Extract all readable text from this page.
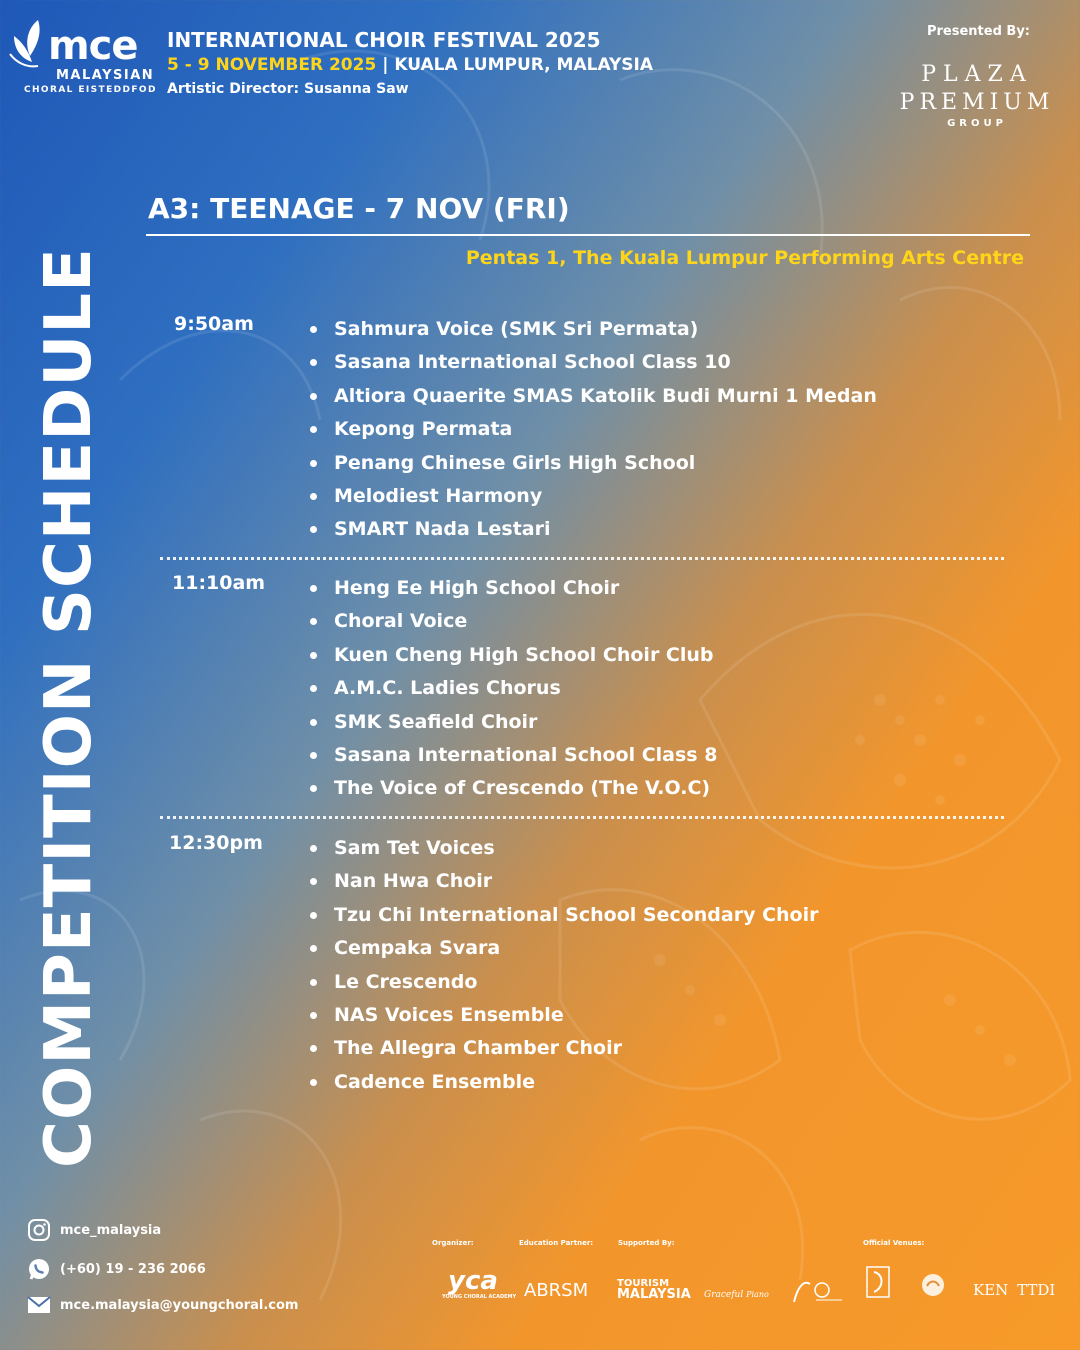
mce
MALAYSIAN
CHORAL EISTEDDFOD
INTERNATIONAL CHOIR FESTIVAL 2025
5 - 9 NOVEMBER 2025 | KUALA LUMPUR, MALAYSIA
Artistic Director: Susanna Saw
Presented By:
PLAZA
PREMIUM
GROUP
COMPETITION SCHEDULE
A3: TEENAGE - 7 NOV (FRI)
Pentas 1, The Kuala Lumpur Performing Arts Centre
9:50am	Sahmura Voice (SMK Sri Permata)
Sasana International School Class 10
Altiora Quaerite SMAS Katolik Budi Murni 1 Medan
Kepong Permata
Penang Chinese Girls High School
Melodiest Harmony
SMART Nada Lestari
11:10am	Heng Ee High School Choir
Choral Voice
Kuen Cheng High School Choir Club
A.M.C. Ladies Chorus
SMK Seafield Choir
Sasana International School Class 8
The Voice of Crescendo (The V.O.C)
12:30pm	Sam Tet Voices
Nan Hwa Choir
Tzu Chi International School Secondary Choir
Cempaka Svara
Le Crescendo
NAS Voices Ensemble
The Allegra Chamber Choir
Cadence Ensemble
mce_malaysia
(+60) 19 - 236 2066
mce.malaysia@youngchoral.com
Organizer:	Education Partner:	Supported By:	Official Venues:
yca
YOUNG CHORAL ACADEMY ABRSM	TOURISM
MALAYSIA Graceful Piano	KEN TTDI
